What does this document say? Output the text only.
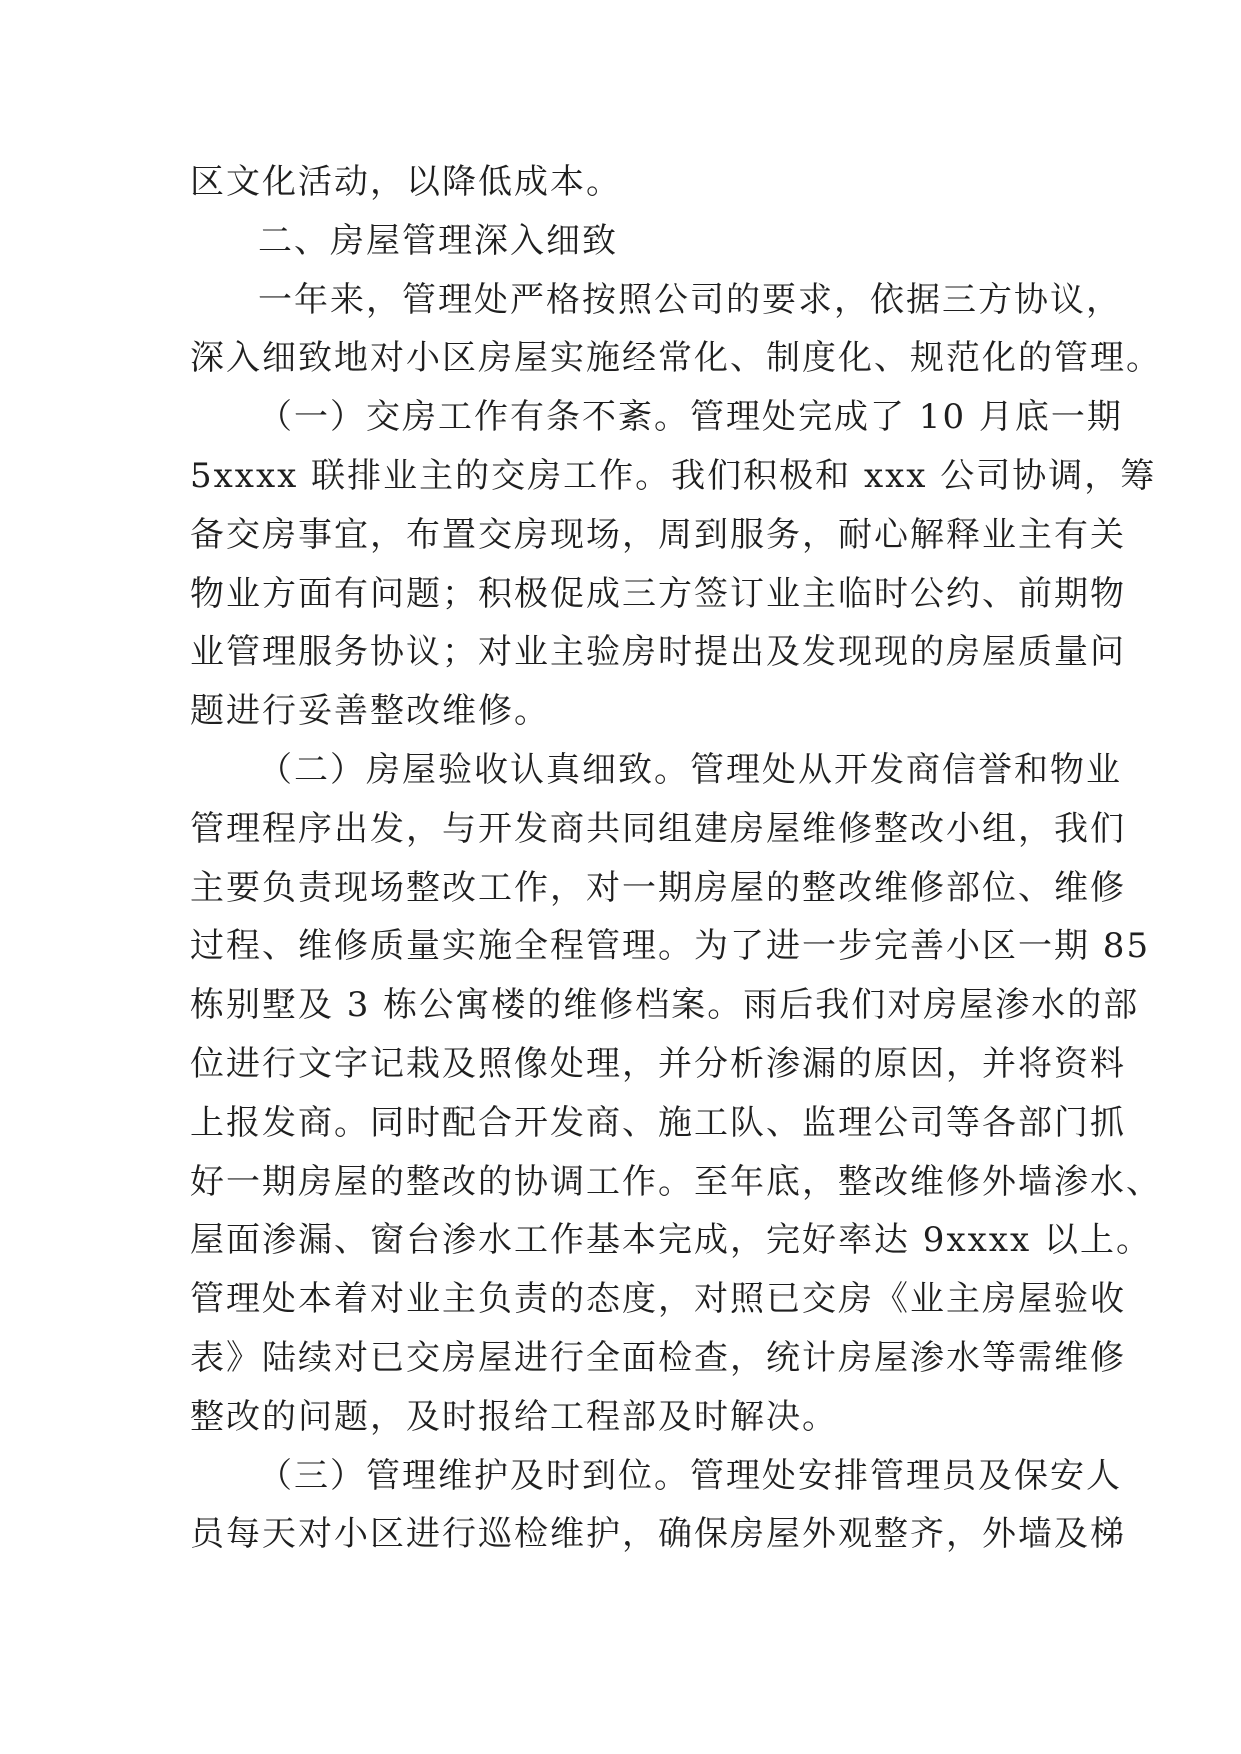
区文化活动，以降低成本。
二、房屋管理深入细致
一年来，管理处严格按照公司的要求，依据三方协议，
深入细致地对小区房屋实施经常化、制度化、规范化的管理。
（一）交房工作有条不紊。管理处完成了 10 月底一期
5xxxx 联排业主的交房工作。我们积极和 xxx 公司协调，筹
备交房事宜，布置交房现场，周到服务，耐心解释业主有关
物业方面有问题；积极促成三方签订业主临时公约、前期物
业管理服务协议；对业主验房时提出及发现现的房屋质量问
题进行妥善整改维修。
（二）房屋验收认真细致。管理处从开发商信誉和物业
管理程序出发，与开发商共同组建房屋维修整改小组，我们
主要负责现场整改工作，对一期房屋的整改维修部位、维修
过程、维修质量实施全程管理。为了进一步完善小区一期 85
栋别墅及 3 栋公寓楼的维修档案。雨后我们对房屋渗水的部
位进行文字记栽及照像处理，并分析渗漏的原因，并将资料
上报发商。同时配合开发商、施工队、监理公司等各部门抓
好一期房屋的整改的协调工作。至年底，整改维修外墙渗水、
屋面渗漏、窗台渗水工作基本完成，完好率达 9xxxx 以上。
管理处本着对业主负责的态度，对照已交房《业主房屋验收
表》陆续对已交房屋进行全面检查，统计房屋渗水等需维修
整改的问题，及时报给工程部及时解决。
（三）管理维护及时到位。管理处安排管理员及保安人
员每天对小区进行巡检维护，确保房屋外观整齐，外墙及梯
